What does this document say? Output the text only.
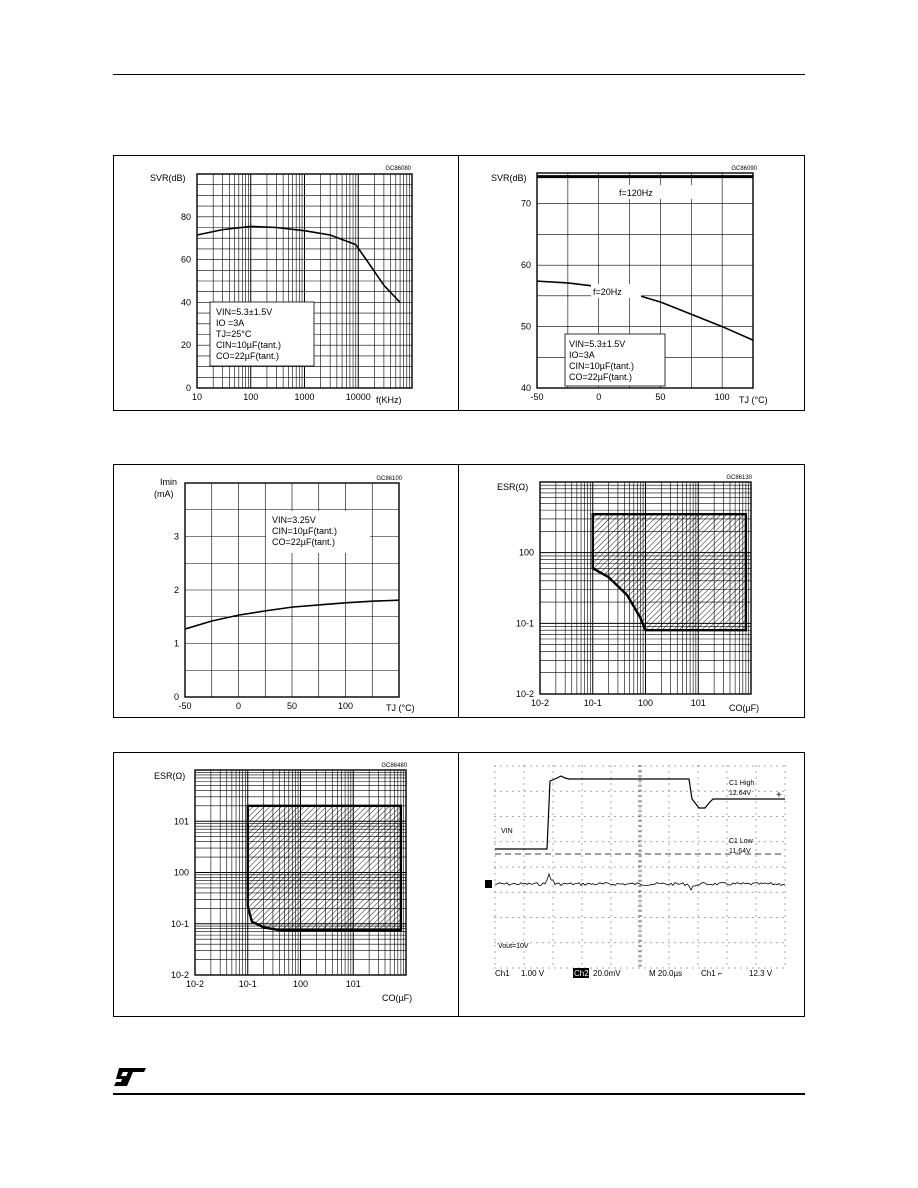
10	100	1000	10000
0
20
40
60
80
SVR(dB)
f(KHz)
GC86080
VIN=5.3±1.5V
IO =3A
TJ=25°C
CIN=10µF(tant.)
CO=22µF(tant.)
-50	0	50	100
40
50
60
70
SVR(dB)
TJ (°C)
GC86090
f=120Hz
f=20Hz
VIN=5.3±1.5V
IO=3A
CIN=10µF(tant.)
CO=22µF(tant.)
-50	0	50	100
0
1
2
3
Imin
(mA)
TJ (°C)
GC86100
VIN=3.25V
CIN=10µF(tant.)
CO=22µF(tant.)
10-2	10-1	100	101
10-2
10-1
100
ESR(Ω)
CO(µF)
GC86130
10-2	10-1	100	101
10-2
10-1
100
101
ESR(Ω)
CO(µF)
GC86480
C1 High
12.64V
C1 Low
11.64V
VIN
Vout=10V
Ch1 1.00 V	Ch2 20.0mV	M 20.0µs Ch1 ⌐	12.3 V
+
